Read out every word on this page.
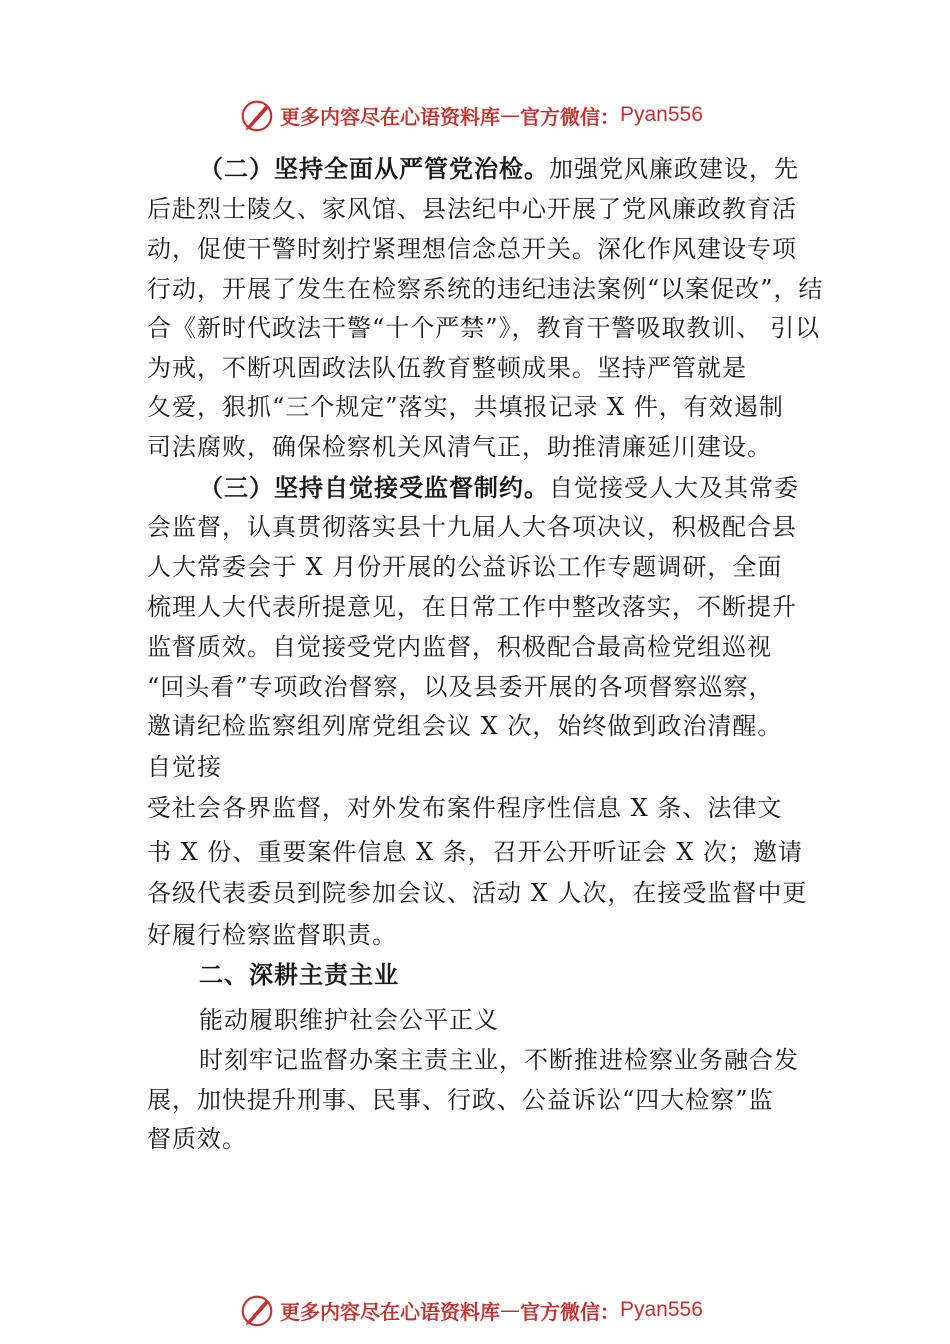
更多内容尽在心语资料库 — 官方微信： Pyan556
（二）坚持全面从严管党治检。加强党风廉政建设，先
后赴烈士陵⼡、家风馆、县法纪中心开展了党风廉政教育活
动，促使干警时刻拧紧理想信念总开关。深化作风建设专项
行动，开展了发生在检察系统的违纪违法案例“以案促改”，结
合《新时代政法干警“十个严禁”》，教育干警吸取教训、 引以
为戒，不断巩固政法队伍教育整顿成果。坚持严管就是
⼡爱，狠抓“三个规定”落实，共填报记录 X 件，有效遏制
司法腐败，确保检察机关风清气正，助推清廉延川建设。
（三）坚持自觉接受监督制约。自觉接受人大及其常委
会监督，认真贯彻落实县十九届人大各项决议，积极配合县
人大常委会于 X 月份开展的公益诉讼工作专题调研，全面
梳理人大代表所提意见，在日常工作中整改落实，不断提升
监督质效。自觉接受党内监督，积极配合最高检党组巡视
“回头看”专项政治督察，以及县委开展的各项督察巡察，
邀请纪检监察组列席党组会议 X 次，始终做到政治清醒。
自觉接
受社会各界监督，对外发布案件程序性信息 X 条、法律文
书 X 份、重要案件信息 X 条，召开公开听证会 X 次；邀请
各级代表委员到院参加会议、活动 X 人次，在接受监督中更
好履行检察监督职责。
二、深耕主责主业
能动履职维护社会公平正义
时刻牢记监督办案主责主业，不断推进检察业务融合发
展，加快提升刑事、民事、行政、公益诉讼“四大检察”监
督质效。
更多内容尽在心语资料库 — 官方微信： Pyan556
